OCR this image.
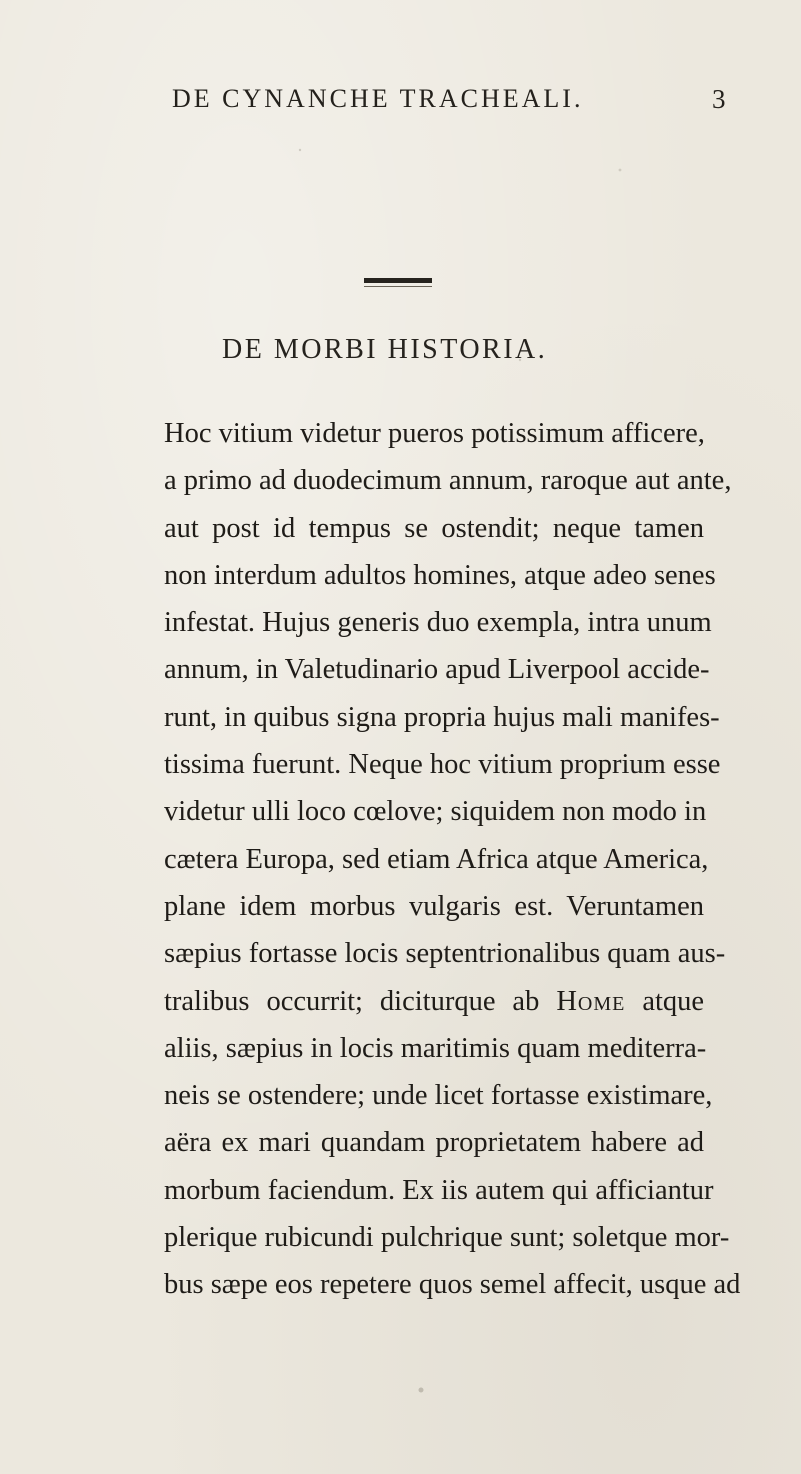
DE CYNANCHE TRACHEALI.	3
DE MORBI HISTORIA.
Hoc vitium videtur pueros potissimum afficere,
a primo ad duodecimum annum, raroque aut ante,
aut post id tempus se ostendit; neque tamen
non interdum adultos homines, atque adeo senes
infestat. Hujus generis duo exempla, intra unum
annum, in Valetudinario apud Liverpool accide-
runt, in quibus signa propria hujus mali manifes-
tissima fuerunt. Neque hoc vitium proprium esse
videtur ulli loco cœlove; siquidem non modo in
cætera Europa, sed etiam Africa atque America,
plane idem morbus vulgaris est. Veruntamen
sæpius fortasse locis septentrionalibus quam aus-
tralibus occurrit; diciturque ab Home atque
aliis, sæpius in locis maritimis quam mediterra-
neis se ostendere; unde licet fortasse existimare,
aëra ex mari quandam proprietatem habere ad
morbum faciendum. Ex iis autem qui afficiantur
plerique rubicundi pulchrique sunt; soletque mor-
bus sæpe eos repetere quos semel affecit, usque ad
